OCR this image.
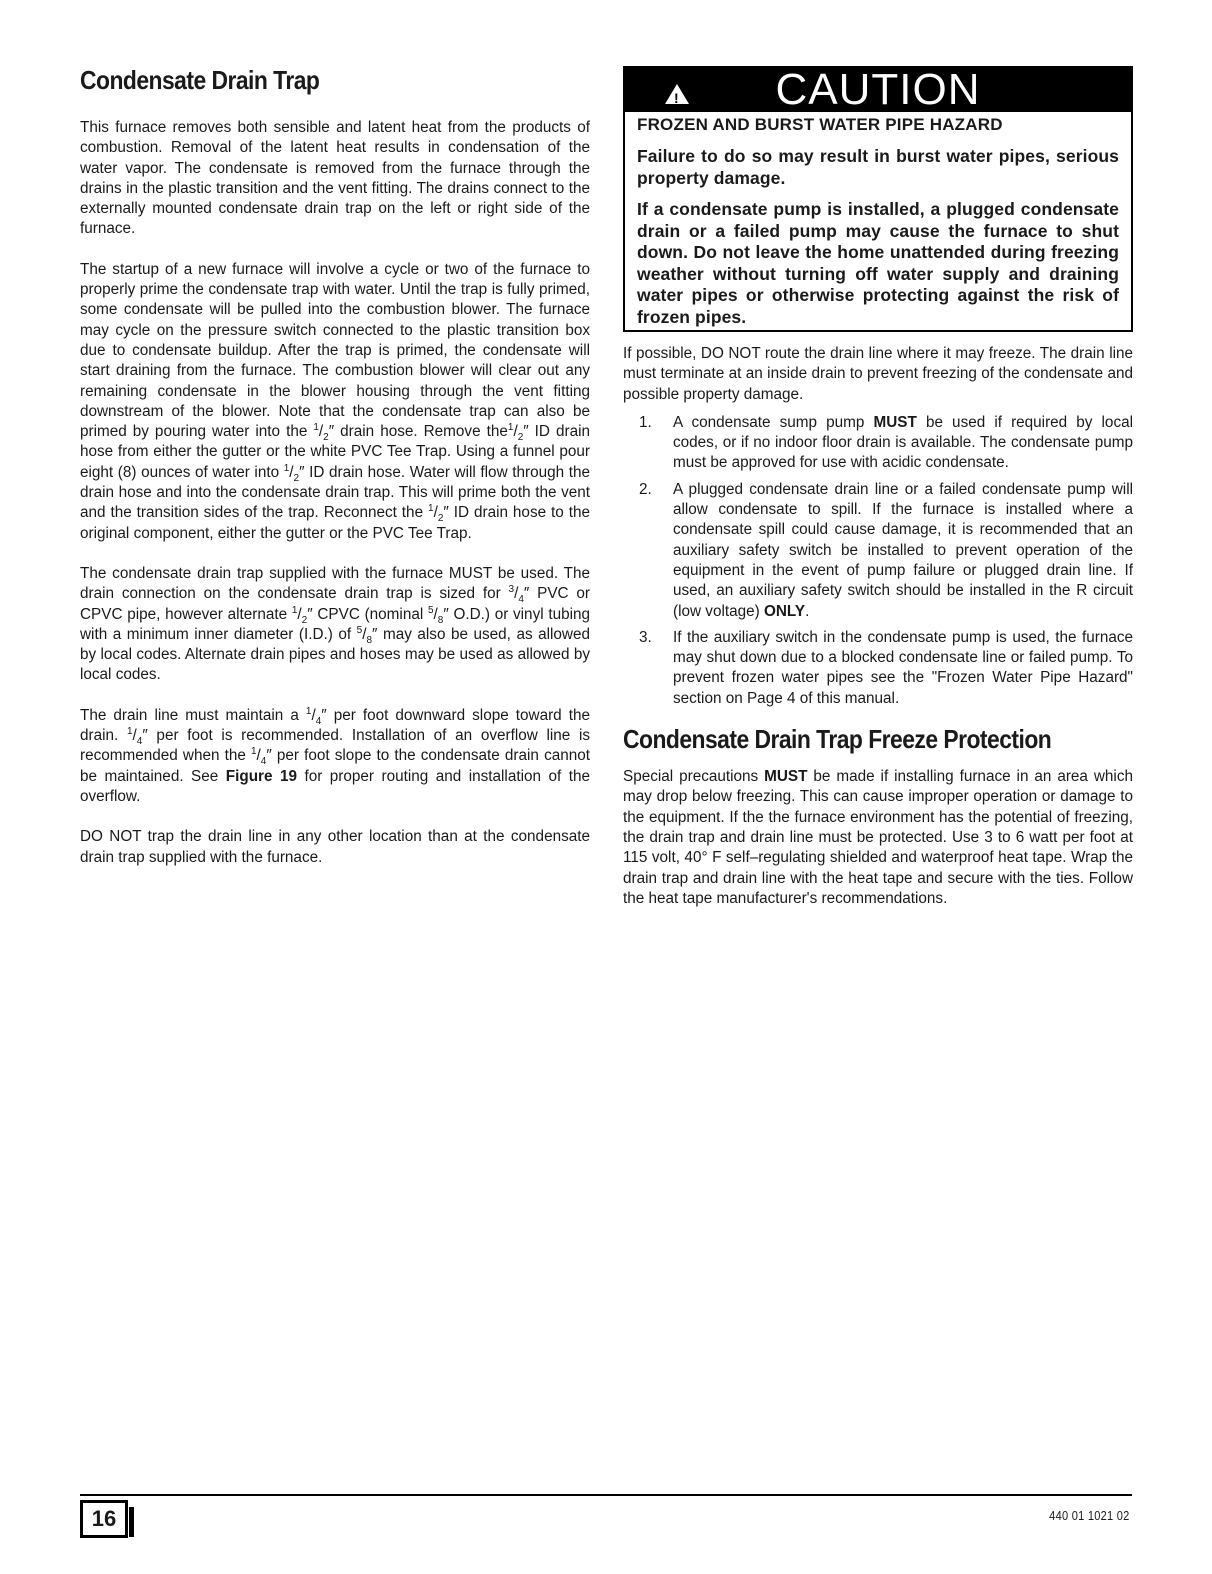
Condensate Drain Trap

This furnace removes both sensible and latent heat from the products of combustion. Removal of the latent heat results in condensation of the water vapor. The condensate is removed from the furnace through the drains in the plastic transition and the vent fitting. The drains connect to the externally mounted condensate drain trap on the left or right side of the furnace.

The startup of a new furnace will involve a cycle or two of the furnace to properly prime the condensate trap with water. Until the trap is fully primed, some condensate will be pulled into the combustion blower. The furnace may cycle on the pressure switch connected to the plastic transition box due to condensate buildup. After the trap is primed, the condensate will start draining from the furnace. The combustion blower will clear out any remaining condensate in the blower housing through the vent fitting downstream of the blower. Note that the condensate trap can also be primed by pouring water into the $^1/_2''$ drain hose. Remove $the^1/_2''$ ID drain hose from either the gutter or the white PVC Tee Trap. Using a funnel pour eight (8) ounces of water into $^1/_2''$ ID drain hose. Water will flow through the drain hose and into the condensate drain trap. This will prime both the vent and the transition sides of the trap. Reconnect the $^1/_2''$ ID drain hose to the original component, either the gutter or the PVC Tee Trap.

The condensate drain trap supplied with the furnace MUST be used. The drain connection on the condensate drain trap is sized for $^3/_4''$ PVC or CPVC pipe, however alternate $^1/_2''$ CPVC (nominal $^5/_8''$ O.D.) or vinyl tubing with a minimum inner diameter (I.D.) of $^5/_8''$ may also be used, as allowed by local codes. Alternate drain pipes and hoses may be used as allowed by local codes.

The drain line must maintain a $^1/_4''$ per foot downward slope toward the drain. $^1/_4''$ per foot is recommended. Installation of an overflow line is recommended when the $^1/_4''$ per foot slope to the condensate drain cannot be maintained. See Figure 19 for proper routing and installation of the overflow.

DO NOT trap the drain line in any other location than at the condensate drain trap supplied with the furnace.

! CAUTION
FROZEN AND BURST WATER PIPE HAZARD
Failure to do so may result in burst water pipes, serious property damage.
If a condensate pump is installed, a plugged condensate drain or a failed pump may cause the furnace to shut down. Do not leave the home unattended during freezing weather without turning off water supply and draining water pipes or otherwise protecting against the risk of frozen pipes.

If possible, DO NOT route the drain line where it may freeze. The drain line must terminate at an inside drain to prevent freezing of the condensate and possible property damage.

1. A condensate sump pump MUST be used if required by local codes, or if no indoor floor drain is available. The condensate pump must be approved for use with acidic condensate.
2. A plugged condensate drain line or a failed condensate pump will allow condensate to spill. If the furnace is installed where a condensate spill could cause damage, it is recommended that an auxiliary safety switch be installed to prevent operation of the equipment in the event of pump failure or plugged drain line. If used, an auxiliary safety switch should be installed in the R circuit (low voltage) ONLY.
3. If the auxiliary switch in the condensate pump is used, the furnace may shut down due to a blocked condensate line or failed pump. To prevent frozen water pipes see the "Frozen Water Pipe Hazard" section on Page 4 of this manual.
Condensate Drain Trap Freeze Protection

Special precautions MUST be made if installing furnace in an area which may drop below freezing. This can cause improper operation or damage to the equipment. If the the furnace environment has the potential of freezing, the drain trap and drain line must be protected. Use 3 to 6 watt per foot at 115 volt, 40° F self–regulating shielded and waterproof heat tape. Wrap the drain trap and drain line with the heat tape and secure with the ties. Follow the heat tape manufacturer's recommendations.

16	440 01 1021 02
